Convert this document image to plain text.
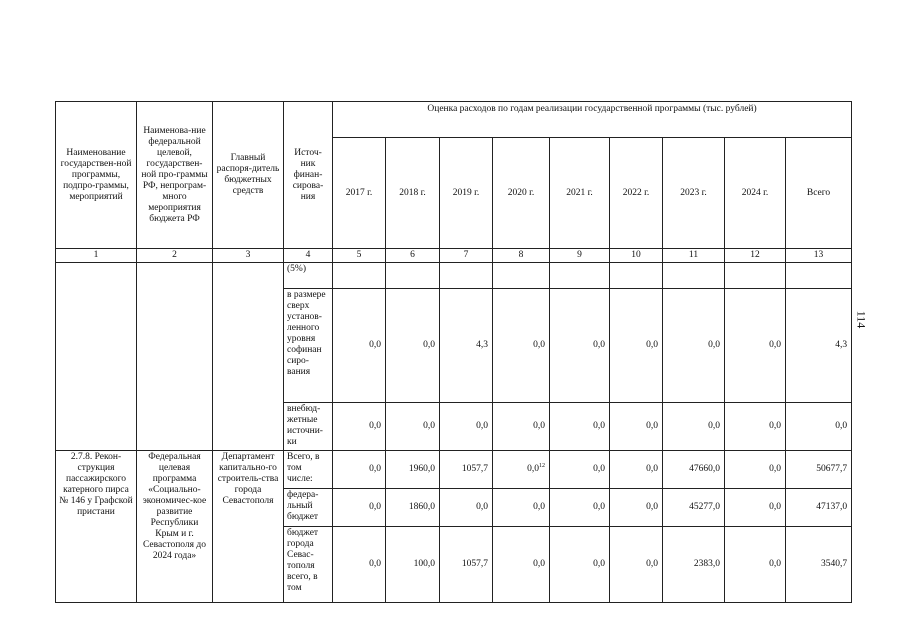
114
Наименование государствен-ной программы, подпро-граммы, мероприятий	Наименова-ние федеральной целевой, государствен-ной про-граммы РФ, непрограм-много мероприятия бюджета РФ	Главный распоря-дитель бюджетных средств	Источ-ник финан-сирова-ния	Оценка расходов по годам реализации государственной программы (тыс. рублей)								
				2017 г.	2018 г.	2019 г.	2020 г.	2021 г.	2022 г.	2023 г.	2024 г.	Всего
1	2	3	4	5	6	7	8	9	10	11	12	13
			(5%)									
			в размере сверх установ-ленного уровня софинан сиро-вания	0,0	0,0	4,3	0,0	0,0	0,0	0,0	0,0	4,3
			внебюд-жетные источни-ки	0,0	0,0	0,0	0,0	0,0	0,0	0,0	0,0	0,0
2.7.8. Рекон-струкция пассажирского катерного пирса № 146 у Графской пристани	Федеральная целевая программа «Социально-экономичес-кое развитие Республики Крым и г. Севастополя до 2024 года»	Департамент капитально-го строитель-ства города Севастополя	Всего, в том числе:	0,0	1960,0	1057,7	$0,0^{12}$	0,0	0,0	47660,0	0,0	50677,7
			федера-льный бюджет	0,0	1860,0	0,0	0,0	0,0	0,0	45277,0	0,0	47137,0
			бюджет города Севас-тополя всего, в том	0,0	100,0	1057,7	0,0	0,0	0,0	2383,0	0,0	3540,7
